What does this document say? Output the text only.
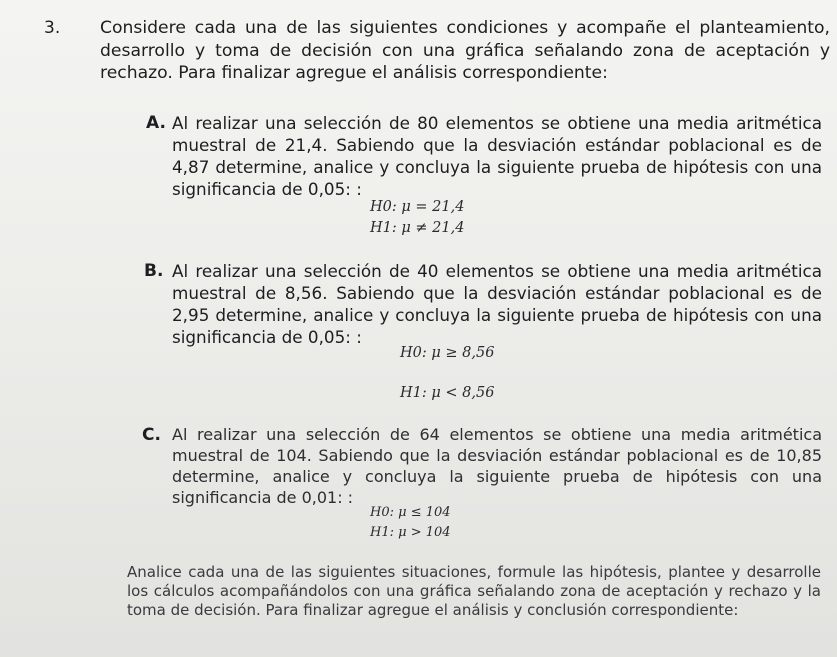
3. Considere cada una de las siguientes condiciones y acompañe el planteamiento, desarrollo y toma de decisión con una gráfica señalando zona de aceptación y rechazo. Para finalizar agregue el análisis correspondiente:
A. Al realizar una selección de 80 elementos se obtiene una media aritmética muestral de 21,4. Sabiendo que la desviación estándar poblacional es de 4,87 determine, analice y concluya la siguiente prueba de hipótesis con una significancia de 0,05: :
H0: μ = 21,4
H1: μ ≠ 21,4
B. Al realizar una selección de 40 elementos se obtiene una media aritmética muestral de 8,56. Sabiendo que la desviación estándar poblacional es de 2,95 determine, analice y concluya la siguiente prueba de hipótesis con una significancia de 0,05: :
H0: μ ≥ 8,56
H1: μ < 8,56
C. Al realizar una selección de 64 elementos se obtiene una media aritmética muestral de 104. Sabiendo que la desviación estándar poblacional es de 10,85 determine, analice y concluya la siguiente prueba de hipótesis con una significancia de 0,01: :
H0: μ ≤ 104
H1: μ > 104
Analice cada una de las siguientes situaciones, formule las hipótesis, plantee y desarrolle los cálculos acompañándolos con una gráfica señalando zona de aceptación y rechazo y la toma de decisión. Para finalizar agregue el análisis y conclusión correspondiente:
